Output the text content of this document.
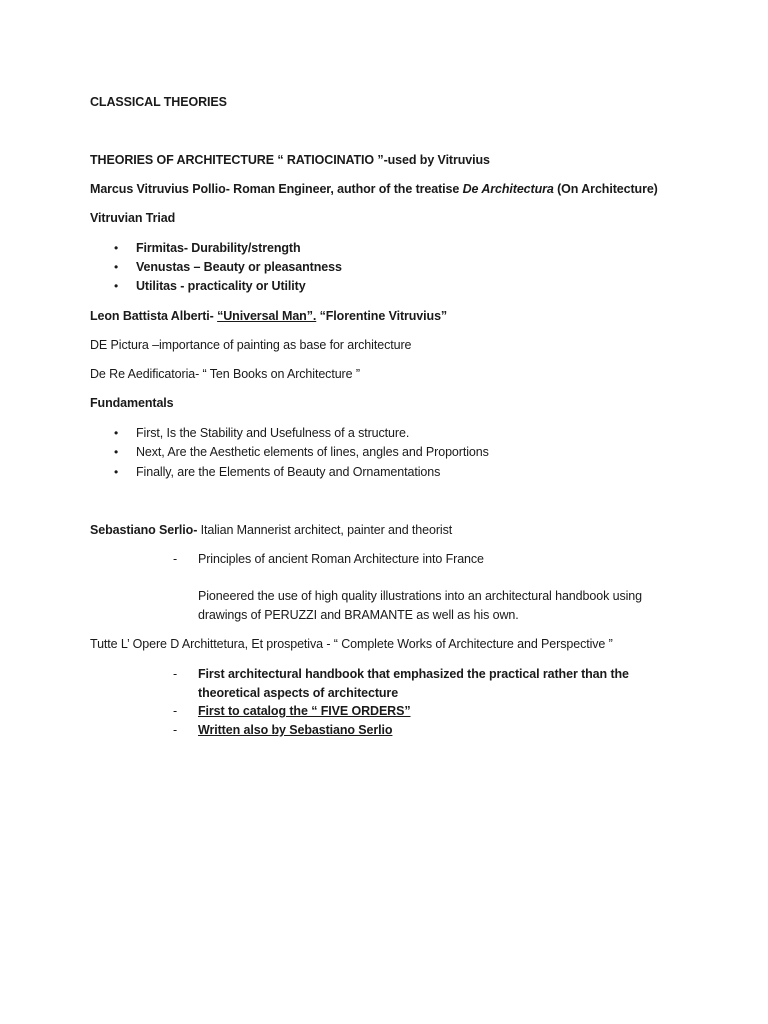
CLASSICAL THEORIES
THEORIES OF ARCHITECTURE “ RATIOCINATIO ”-used by Vitruvius
Marcus Vitruvius Pollio- Roman Engineer, author of the treatise De Architectura (On Architecture)
Vitruvian Triad
• Firmitas- Durability/strength
• Venustas – Beauty or pleasantness
• Utilitas - practicality or Utility
Leon Battista Alberti- “Universal Man”. “Florentine Vitruvius”
DE Pictura –importance of painting as base for architecture
De Re Aedificatoria- “ Ten Books on Architecture ”
Fundamentals
• First, Is the Stability and Usefulness of a structure.
• Next, Are the Aesthetic elements of lines, angles and Proportions
• Finally, are the Elements of Beauty and Ornamentations
Sebastiano Serlio- Italian Mannerist architect, painter and theorist
- Principles of ancient Roman Architecture into France
Pioneered the use of high quality illustrations into an architectural handbook using
drawings of PERUZZI and BRAMANTE as well as his own.
Tutte L’ Opere D Archittetura, Et prospetiva - “ Complete Works of Architecture and Perspective ”
- First architectural handbook that emphasized the practical rather than the
theoretical aspects of architecture
- First to catalog the “ FIVE ORDERS”
- Written also by Sebastiano Serlio
